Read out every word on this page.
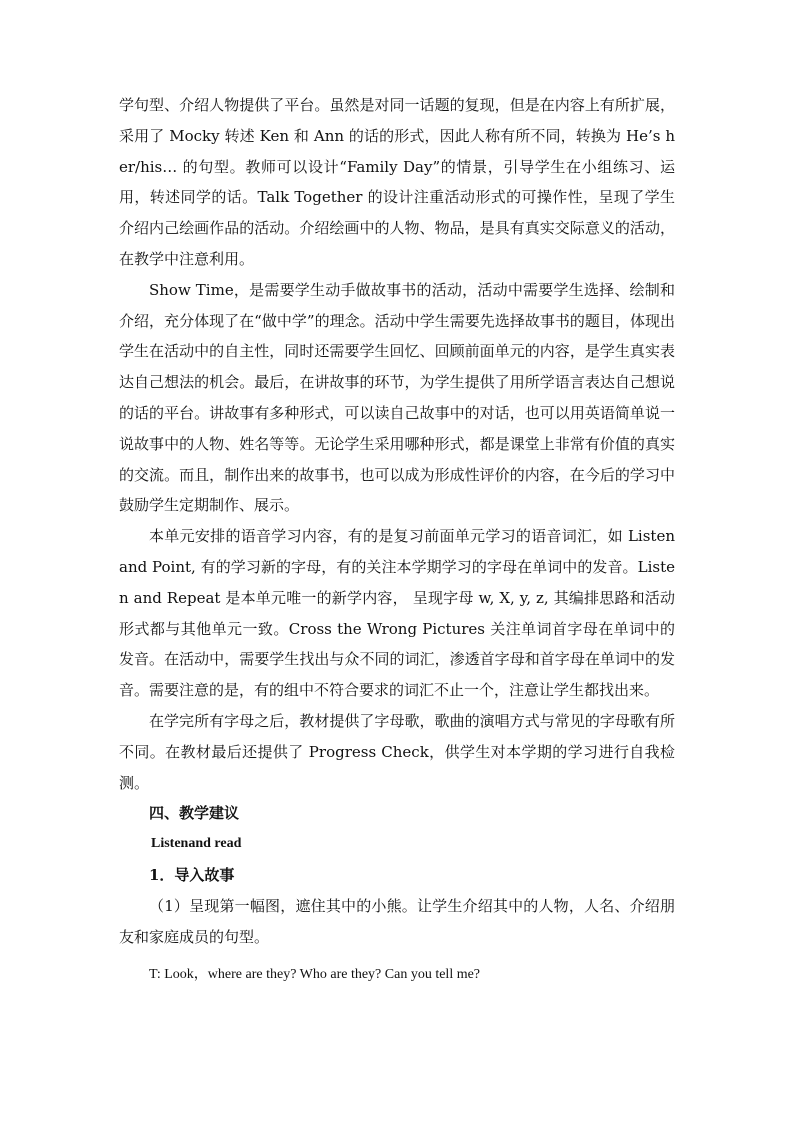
学句型、介绍人物提供了平台。虽然是对同一话题的复现，但是在内容上有所扩展，采用了 Mocky 转述 Ken 和 Ann 的话的形式，因此人称有所不同，转换为 He’s her/his… 的句型。教师可以设计“Family Day”的情景，引导学生在小组练习、运用，转述同学的话。Talk Together 的设计注重活动形式的可操作性，呈现了学生介绍内己绘画作品的活动。介绍绘画中的人物、物品，是具有真实交际意义的活动，在教学中注意利用。

Show Time，是需要学生动手做故事书的活动，活动中需要学生选择、绘制和介绍，充分体现了在“做中学”的理念。活动中学生需要先选择故事书的题目，体现出学生在活动中的自主性，同时还需要学生回忆、回顾前面单元的内容，是学生真实表达自己想法的机会。最后，在讲故事的环节，为学生提供了用所学语言表达自己想说的话的平台。讲故事有多种形式，可以读自己故事中的对话，也可以用英语简单说一说故事中的人物、姓名等等。无论学生采用哪种形式，都是课堂上非常有价值的真实的交流。而且，制作出来的故事书，也可以成为形成性评价的内容，在今后的学习中鼓励学生定期制作、展示。

本单元安排的语音学习内容，有的是复习前面单元学习的语音词汇，如 Listen and Point, 有的学习新的字母，有的关注本学期学习的字母在单词中的发音。Listen and Repeat 是本单元唯一的新学内容， 呈现字母 w, X, y, z, 其编排思路和活动形式都与其他单元一致。Cross the Wrong Pictures 关注单词首字母在单词中的发音。在活动中，需要学生找出与众不同的词汇，渗透首字母和首字母在单词中的发音。需要注意的是，有的组中不符合要求的词汇不止一个，注意让学生都找出来。

在学完所有字母之后，教材提供了字母歌，歌曲的演唱方式与常见的字母歌有所不同。在教材最后还提供了 Progress Check，供学生对本学期的学习进行自我检测。

四、教学建议

Listenand read

1．导入故事

（1）呈现第一幅图，遮住其中的小熊。让学生介绍其中的人物，人名、介绍朋友和家庭成员的句型。

T: Look，where are they? Who are they? Can you tell me?
